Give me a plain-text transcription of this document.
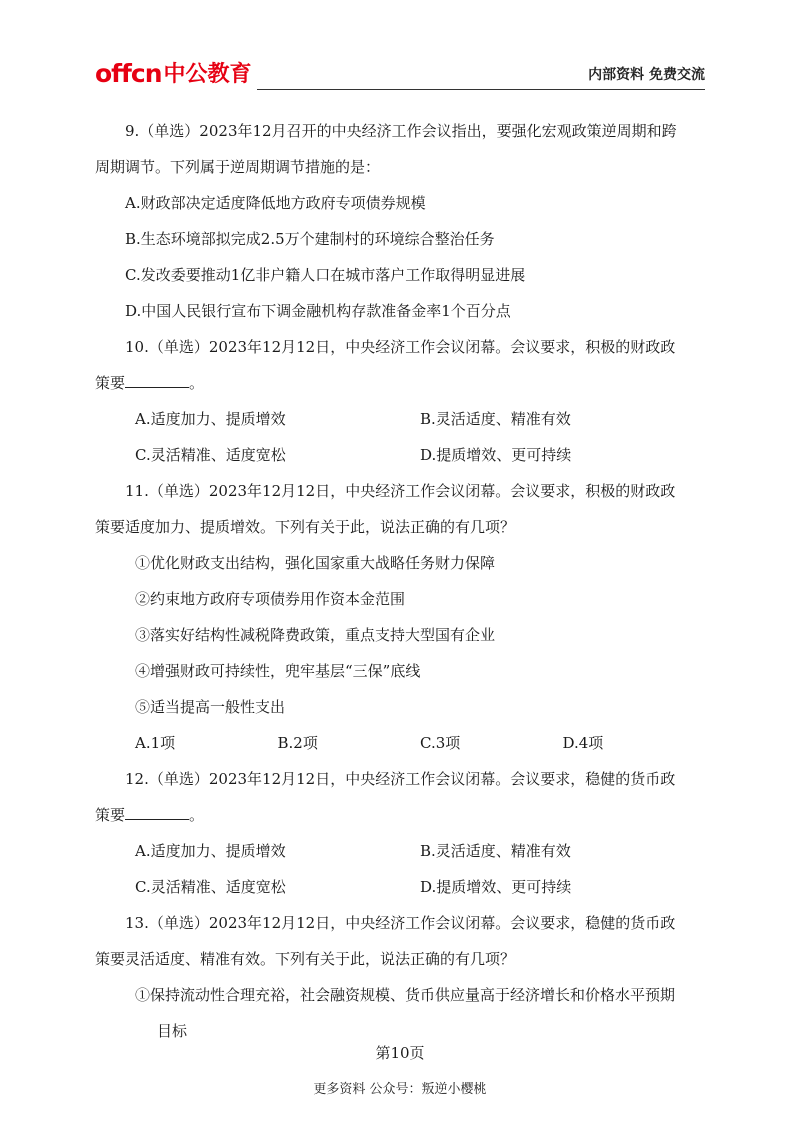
offcn 中公教育	内部资料 免费交流

9.（单选）2023年12月召开的中央经济工作会议指出，要强化宏观政策逆周期和跨

周期调节。下列属于逆周期调节措施的是：

A.财政部决定适度降低地方政府专项债券规模

B.生态环境部拟完成2.5万个建制村的环境综合整治任务

C.发改委要推动1亿非户籍人口在城市落户工作取得明显进展

D.中国人民银行宣布下调金融机构存款准备金率1个百分点

10.（单选）2023年12月12日，中央经济工作会议闭幕。会议要求，积极的财政政

策要	。

A.适度加力、提质增效	B.灵活适度、精准有效
C.灵活精准、适度宽松	D.提质增效、更可持续

11.（单选）2023年12月12日，中央经济工作会议闭幕。会议要求，积极的财政政

策要适度加力、提质增效。下列有关于此，说法正确的有几项？

①优化财政支出结构，强化国家重大战略任务财力保障

②约束地方政府专项债券用作资本金范围

③落实好结构性减税降费政策，重点支持大型国有企业

④增强财政可持续性，兜牢基层“三保”底线

⑤适当提高一般性支出

A.1项	B.2项	C.3项	D.4项

12.（单选）2023年12月12日，中央经济工作会议闭幕。会议要求，稳健的货币政

策要	。

A.适度加力、提质增效	B.灵活适度、精准有效
C.灵活精准、适度宽松	D.提质增效、更可持续

13.（单选）2023年12月12日，中央经济工作会议闭幕。会议要求，稳健的货币政

策要灵活适度、精准有效。下列有关于此，说法正确的有几项？

①保持流动性合理充裕，社会融资规模、货币供应量高于经济增长和价格水平预期

目标

第10页
更多资料 公众号：叛逆小樱桃
